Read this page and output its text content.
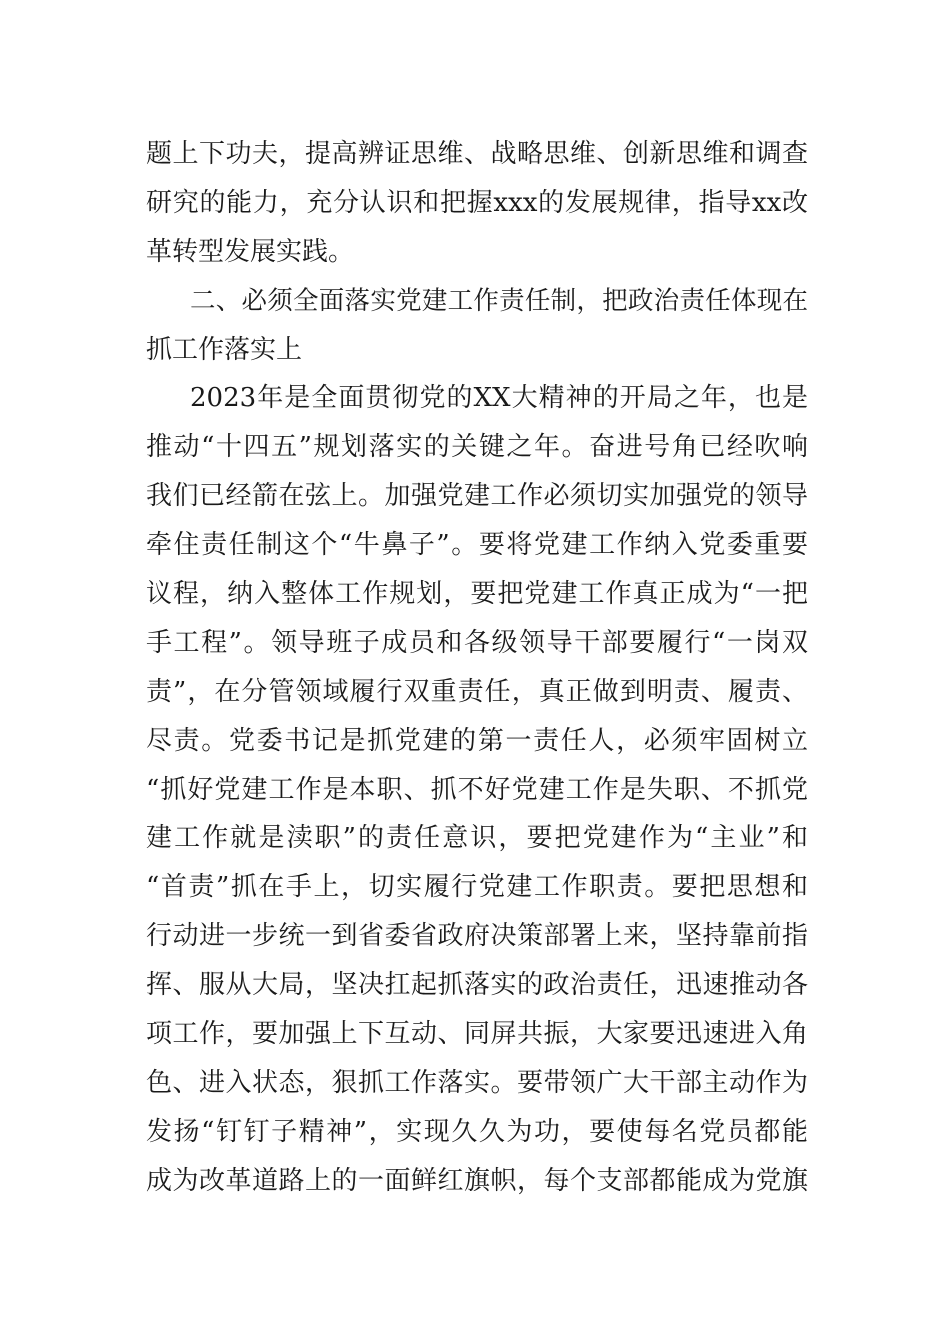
题上下功夫，提高辨证思维、战略思维、创新思维和调查
研究的能力，充分认识和把握xxx的发展规律，指导xx改
革转型发展实践。
二、必须全面落实党建工作责任制，把政治责任体现在
抓工作落实上
2023年是全面贯彻党的XX大精神的开局之年，也是
推动“十四五”规划落实的关键之年。奋进号角已经吹响
我们已经箭在弦上。加强党建工作必须切实加强党的领导
牵住责任制这个“牛鼻子”。要将党建工作纳入党委重要
议程，纳入整体工作规划，要把党建工作真正成为“一把
手工程”。领导班子成员和各级领导干部要履行“一岗双
责”，在分管领域履行双重责任，真正做到明责、履责、
尽责。党委书记是抓党建的第一责任人，必须牢固树立
“抓好党建工作是本职、抓不好党建工作是失职、不抓党
建工作就是渎职”的责任意识，要把党建作为“主业”和
“首责”抓在手上，切实履行党建工作职责。要把思想和
行动进一步统一到省委省政府决策部署上来，坚持靠前指
挥、服从大局，坚决扛起抓落实的政治责任，迅速推动各
项工作，要加强上下互动、同屏共振，大家要迅速进入角
色、进入状态，狠抓工作落实。要带领广大干部主动作为
发扬“钉钉子精神”，实现久久为功，要使每名党员都能
成为改革道路上的一面鲜红旗帜，每个支部都能成为党旗
